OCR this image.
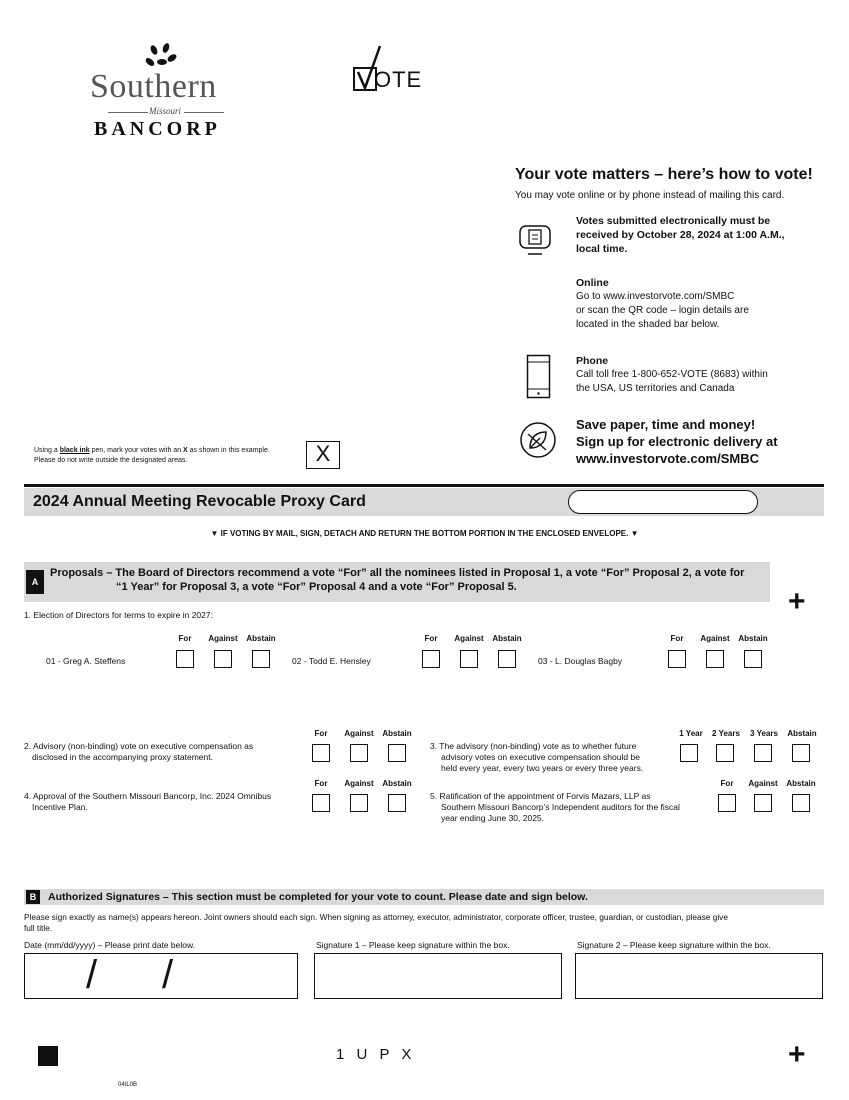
Southern
Missouri
BANCORP
OTE
Your vote matters – here’s how to vote!
You may vote online or by phone instead of mailing this card.
Votes submitted electronically must be
received by October 28, 2024 at 1:00 A.M.,
local time.
Online
Go to www.investorvote.com/SMBC
or scan the QR code – login details are
located in the shaded bar below.
Phone
Call toll free 1-800-652-VOTE (8683) within
the USA, US territories and Canada
Save paper, time and money!
Sign up for electronic delivery at
www.investorvote.com/SMBC
Using a black ink pen, mark your votes with an X as shown in this example.
Please do not write outside the designated areas.	X
2024 Annual Meeting Revocable Proxy Card
▼ IF VOTING BY MAIL, SIGN, DETACH AND RETURN THE BOTTOM PORTION IN THE ENCLOSED ENVELOPE. ▼
A
Proposals – The Board of Directors recommend a vote “For” all the nominees listed in Proposal 1, a vote “For” Proposal 2, a vote for
“1 Year” for Proposal 3, a vote “For” Proposal 4 and a vote “For” Proposal 5.	+
1. Election of Directors for terms to expire in 2027:
For	Against Abstain
01 - Greg A. Steffens
For	Against Abstain
02 - Todd E. Hensley
For	Against Abstain
03 - L. Douglas Bagby
2. Advisory (non-binding) vote on executive compensation as
disclosed in the accompanying proxy statement.
For	Against Abstain
3. The advisory (non-binding) vote as to whether future
advisory votes on executive compensation should be
held every year, every two years or every three years.
1 Year	2 Years	3 Years	Abstain
4. Approval of the Southern Missouri Bancorp, Inc. 2024 Omnibus
Incentive Plan.
For	Against Abstain
5. Ratification of the appointment of Forvis Mazars, LLP as
Southern Missouri Bancorp’s Independent auditors for the fiscal
year ending June 30, 2025.
For	Against Abstain
B	Authorized Signatures – This section must be completed for your vote to count. Please date and sign below.
Please sign exactly as name(s) appears hereon. Joint owners should each sign. When signing as attorney, executor, administrator, corporate officer, trustee, guardian, or custodian, please give
full title.
Date (mm/dd/yyyy) – Please print date below.
/ /
Signature 1 – Please keep signature within the box.	Signature 2 – Please keep signature within the box.
1 U P X	+
04IL0B
